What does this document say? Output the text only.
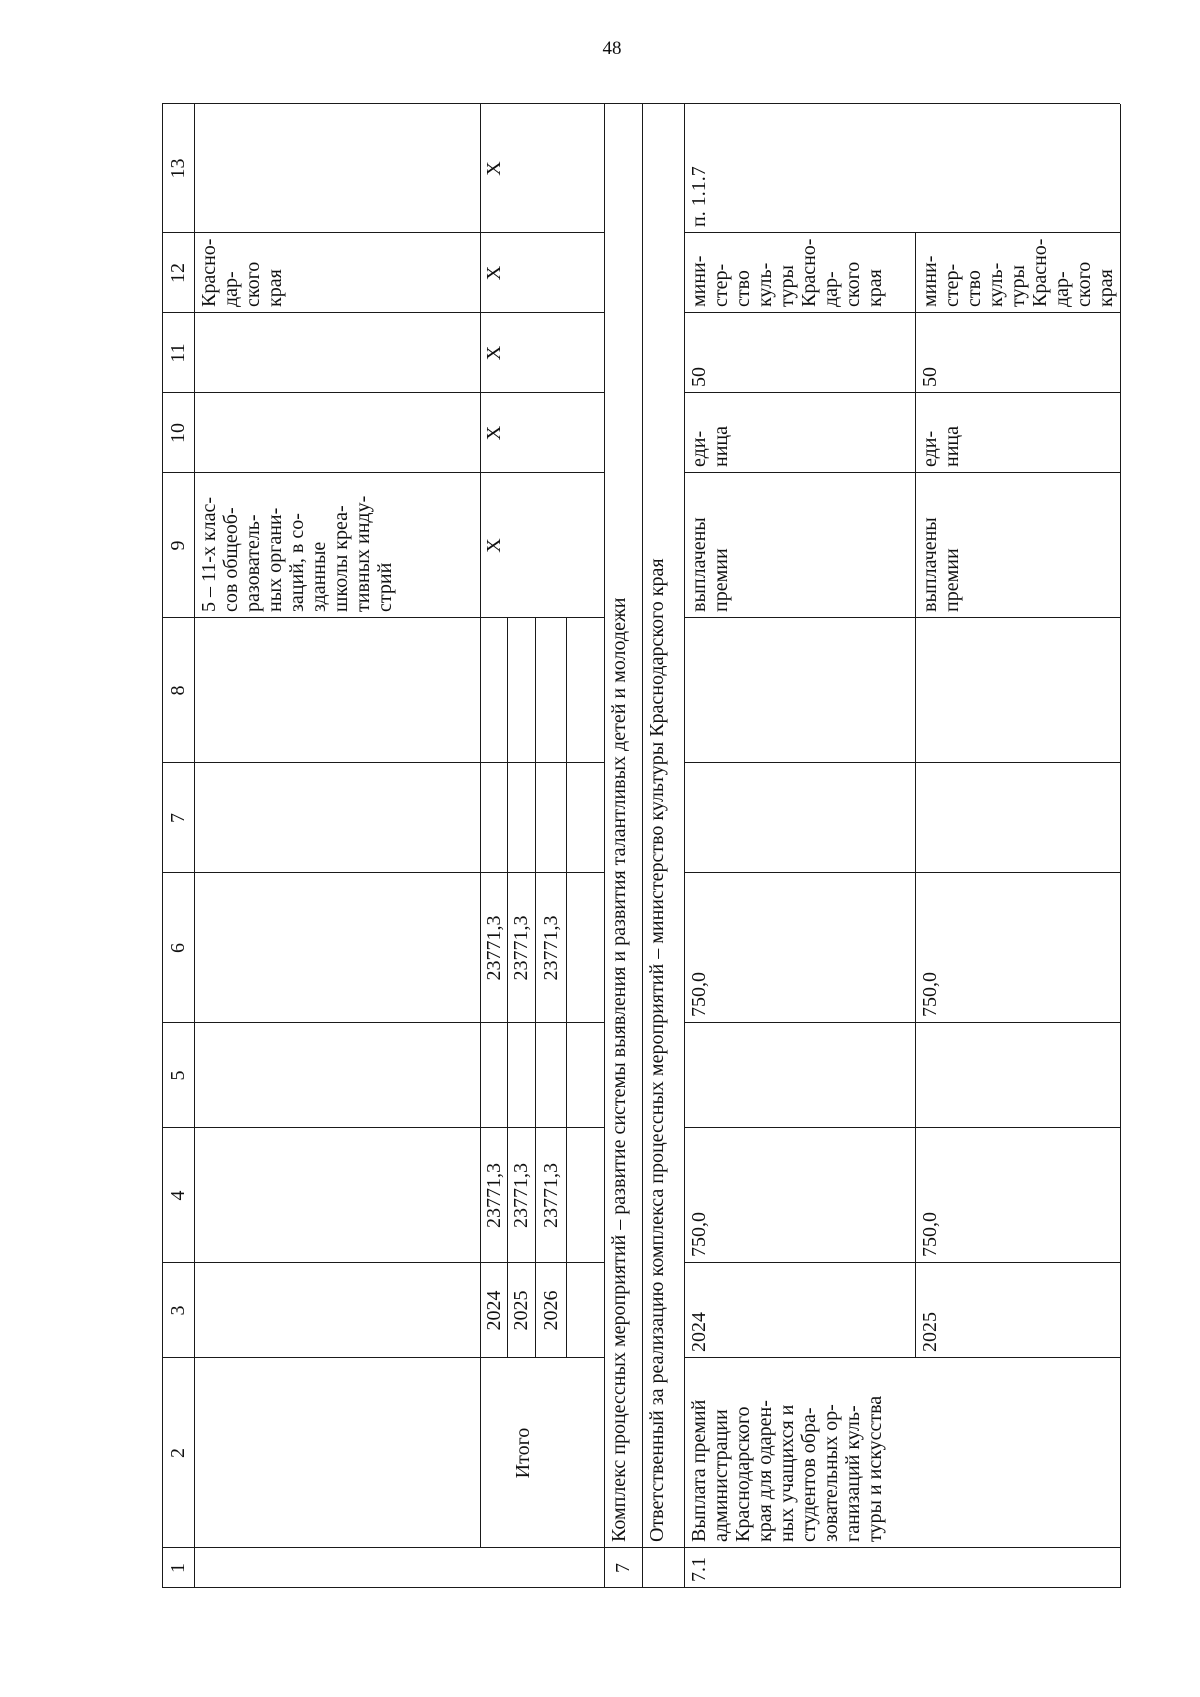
48
1
2
3
4
5
6
7
8
9
10
11
12
13
5 – 11-х клас-
сов общеоб-
разователь-
ных органи-
заций, в со-
зданные
школы креа-
тивных инду-
стрий
Красно-
дар-
ского
края
Итого
2024
23771,3
23771,3
2025
23771,3
23771,3
2026
23771,3
23771,3
X
X
X
X
X
7
Комплекс процессных мероприятий – развитие системы выявления и развития талантливых детей и молодежи Ответственный за реализацию комплекса процессных мероприятий – министерство культуры Краснодарского края
7.1
Выплата премий
администрации
Краснодарского
края для одарен-
ных учащихся и
студентов обра-
зовательных ор-
ганизаций куль-
туры и искусства
п. 1.1.7
2024
750,0
750,0
выплачены
премии
еди-
ница
50
мини-
стер-
ство
куль-
туры
Красно-
дар-
ского
края
2025
750,0
750,0
выплачены
премии
еди-
ница
50
мини-
стер-
ство
куль-
туры
Красно-
дар-
ского
края
